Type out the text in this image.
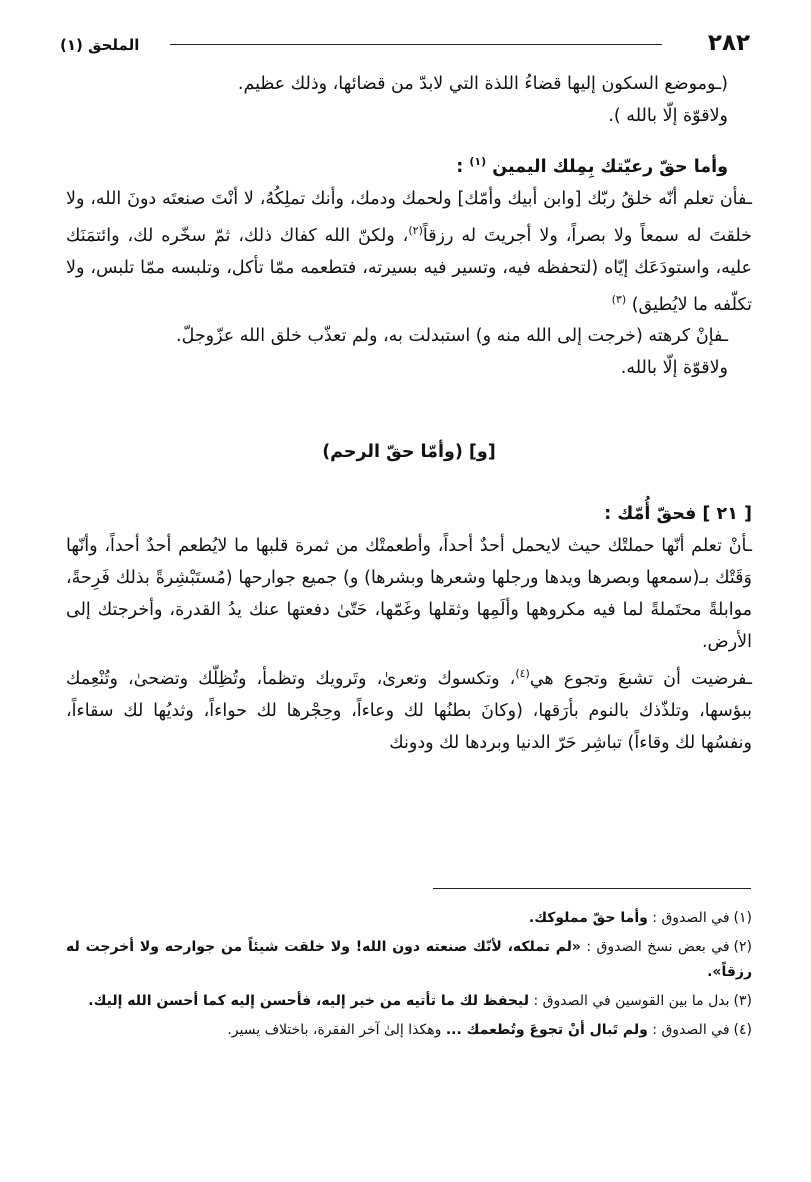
٢٨٢
الملحق (١)

(ـوموضع السكون إليها قضاءُ اللذة التي لابدّ من قضائها، وذلك عظيم.

ولاقوّة إلّا بالله ).

وأما حقّ رعيّتك بِمِلك اليمين $^{(١)}$ :

ـفأن تعلم أنّه خلقُ ربّك [وابن أبيك وأمّك] ولحمك ودمك، وأنك تملِكُهُ، لا أنْتَ صنعتَه دونَ الله، ولا خلقتَ له سمعاً ولا بصراً، ولا أجريتَ له رزقاً$^{(٢)}$، ولكنّ الله كفاك ذلك، ثمّ سخّره لك، وائتمَنَك عليه، واستودَعَك إيّاه (لتحفظه فيه، وتسير فيه بسيرته، فتطعمه ممّا تأكل، وتلبسه ممّا تلبس، ولا تكلّفه ما لايُطيق) $^{(٣)}$

ـفإنْ كرهته (خرجت إلى الله منه و) استبدلت به، ولم تعذّب خلق الله عزّوجلّ.

ولاقوّة إلّا بالله.

[و] (وأمّا حقّ الرحم)

[ ٢١ ] فحقّ أُمّك :

ـأنْ تعلم أنّها حملتْك حيث لايحمل أحدٌ أحداً، وأطعمتْك من ثمرة قلبها ما لايُطعم أحدٌ أحداً، وأنّها وَقَتْك بـ(سمعها وبصرها ويدها ورجلها وشعرها وبشرها) و) جميع جوارحها (مُستَبْشِرةً بذلك فَرِحةً، موابلةً محتَملةً لما فيه مكروهها وألَمِها وثقلها وغَمّها، حَتّىٰ دفعتها عنك يدُ القدرة، وأخرجتك إلى الأرض.

ـفرضيت أن تشبعَ وتجوع هي$^{(٤)}$، وتكسوك وتعرىٰ، وتَرويك وتظمأ، وتُظِلّك وتضحىٰ، وتُنْعِمك ببؤسها، وتلذّذك بالنوم بأرَقها، (وكانَ بطنُها لك وعاءاً، وحِجْرها لك حواءاً، وثديُها لك سقاءاً، ونفسُها لك وقاءاً) تباشِر حَرّ الدنيا وبردها لك ودونك

(١)في الصدوق : وأما حقّ مملوكك.

(٢)في بعض نسخ الصدوق : «لم تملكه، لأنّك صنعته دون الله! ولا خلقت شيئاً من جوارحه ولا أخرجت له رزقاً».

(٣)بدل ما بين القوسين في الصدوق : ليحفظ لك ما تأتيه من خير إليه، فأحسن إليه كما أحسن الله إليك.

(٤)في الصدوق : ولم تَبال أنْ تجوعَ وتُطعمك ... وهكذا إلىٰ آخر الفقرة، باختلاف يسير.
